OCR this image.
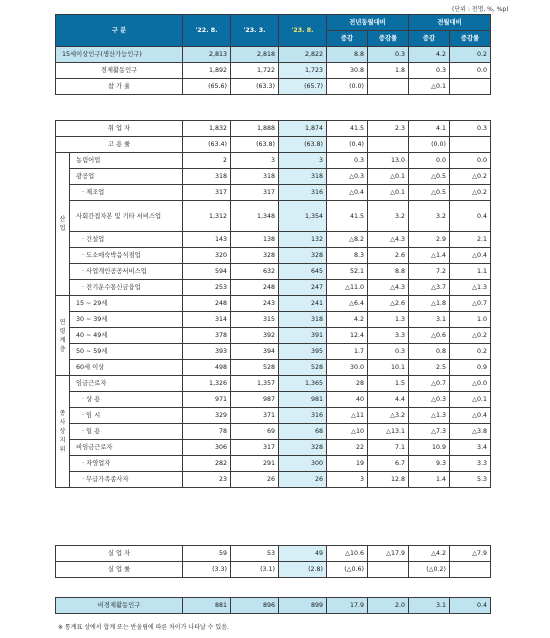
(단위 : 천명, %, %p)
구 분	'22. 8.	'23. 3.	'23. 8.	전년동월대비		전월대비	
				증감	증감률	증감	증감률
15세이상인구(생산가능인구)	2,813	2,818	2,822	8.8	0.3	4.2	0.2
경제활동인구	1,892	1,722	1,723	30.8	1.8	0.3	0.0
참 가 율	(65.6)	(63.3)	(65.7)	(0.0)		△0.1	
취 업 자		1,832	1,888	1,874	41.5	2.3	4.1	0.3
고 용 률		(63.4)	(63.8)	(63.8)	(0.4)		(0.0)	

산
업	농림어업	2	3	3	0.3	13.0	0.0	0.0
	광공업	318	318	318	△0.3	△0.1	△0.5	△0.2
	· 제조업	317	317	316	△0.4	△0.1	△0.5	△0.2
	사회간접자본 및 기타 서비스업	1,312	1,348	1,354	41.5	3.2	3.2	0.4
	· 건설업	143	138	132	△8.2	△4.3	2.9	2.1
	· 도소매숙박음식점업	320	328	328	8.3	2.6	△1.4	△0.4
	· 사업개인공공서비스업	594	632	645	52.1	8.8	7.2	1.1
	· 전기운수통신금융업	253	248	247	△11.0	△4.3	△3.7	△1.3

연
령
계
층	15 ~ 29세	248	243	241	△6.4	△2.6	△1.8	△0.7
	30 ~ 39세	314	315	318	4.2	1.3	3.1	1.0
	40 ~ 49세	378	392	391	12.4	3.3	△0.6	△0.2
	50 ~ 59세	393	394	395	1.7	0.3	0.8	0.2
	60세 이상	498	528	528	30.0	10.1	2.5	0.9

종
사
상
지
위	임금근로자	1,326	1,357	1,365	28	1.5	△0.7	△0.0
	· 상 용	971	987	981	40	4.4	△0.3	△0.1
	· 임 시	329	371	316	△11	△3.2	△1.3	△0.4
	· 일 용	78	69	68	△10	△13.1	△7.3	△3.8
	비임금근로자	306	317	328	22	7.1	10.9	3.4
	· 자영업자	282	291	300	19	6.7	9.3	3.3
	· 무급가족종사자	23	26	26	3	12.8	1.4	5.3
실 업 자	59	53	49	△10.6	△17.9	△4.2	△7.9
실 업 률	(3.3)	(3.1)	(2.8)	(△0.6)		(△0.2)	
비경제활동인구	881	896	899	17.9	2.0	3.1	0.4
※ 통계표 상에서 합계 또는 반올림에 따른 차이가 나타날 수 있음.
